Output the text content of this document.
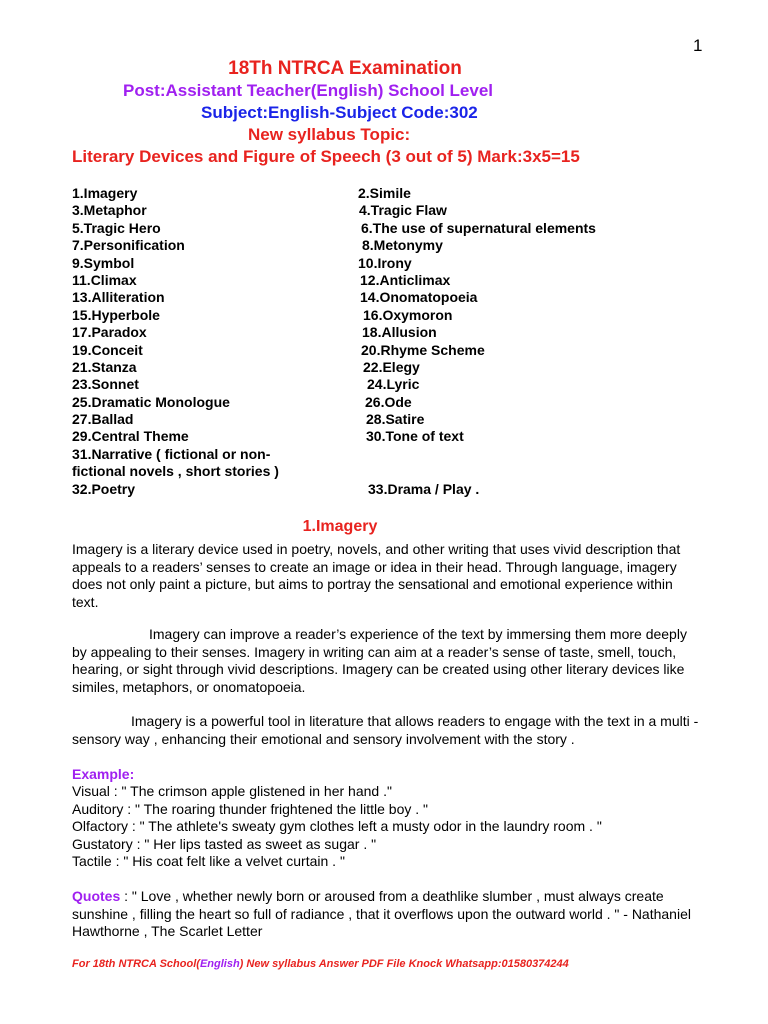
1
18Th NTRCA Examination
Post:Assistant Teacher(English) School Level
Subject:English-Subject Code:302
New syllabus Topic:
Literary Devices and Figure of Speech (3 out of 5) Mark:3x5=15
1.Imagery	2.Simile
3.Metaphor	4.Tragic Flaw
5.Tragic Hero	6.The use of supernatural elements
7.Personification	8.Metonymy
9.Symbol	10.Irony
11.Climax	12.Anticlimax
13.Alliteration	14.Onomatopoeia
15.Hyperbole	16.Oxymoron
17.Paradox	18.Allusion
19.Conceit	20.Rhyme Scheme
21.Stanza	22.Elegy
23.Sonnet	24.Lyric
25.Dramatic Monologue	26.Ode
27.Ballad	28.Satire
29.Central Theme	30.Tone of text
31.Narrative ( fictional or non-
fictional novels , short stories )
32.Poetry	33.Drama / Play .
1.Imagery
Imagery is a literary device used in poetry, novels, and other writing that uses vivid description that appeals to a readers’ senses to create an image or idea in their head. Through language, imagery does not only paint a picture, but aims to portray the sensational and emotional experience within text.
Imagery can improve a reader’s experience of the text by immersing them more deeply by appealing to their senses. Imagery in writing can aim at a reader’s sense of taste, smell, touch, hearing, or sight through vivid descriptions. Imagery can be created using other literary devices like similes, metaphors, or onomatopoeia.
Imagery is a powerful tool in literature that allows readers to engage with the text in a multi - sensory way , enhancing their emotional and sensory involvement with the story .
Example:
Visual : " The crimson apple glistened in her hand ."
Auditory : " The roaring thunder frightened the little boy . "
Olfactory : " The athlete's sweaty gym clothes left a musty odor in the laundry room . "
Gustatory : " Her lips tasted as sweet as sugar . "
Tactile : " His coat felt like a velvet curtain . "
Quotes : " Love , whether newly born or aroused from a deathlike slumber , must always create sunshine , filling the heart so full of radiance , that it overflows upon the outward world . " - Nathaniel Hawthorne , The Scarlet Letter
For 18th NTRCA School(English) New syllabus Answer PDF File Knock Whatsapp:01580374244
